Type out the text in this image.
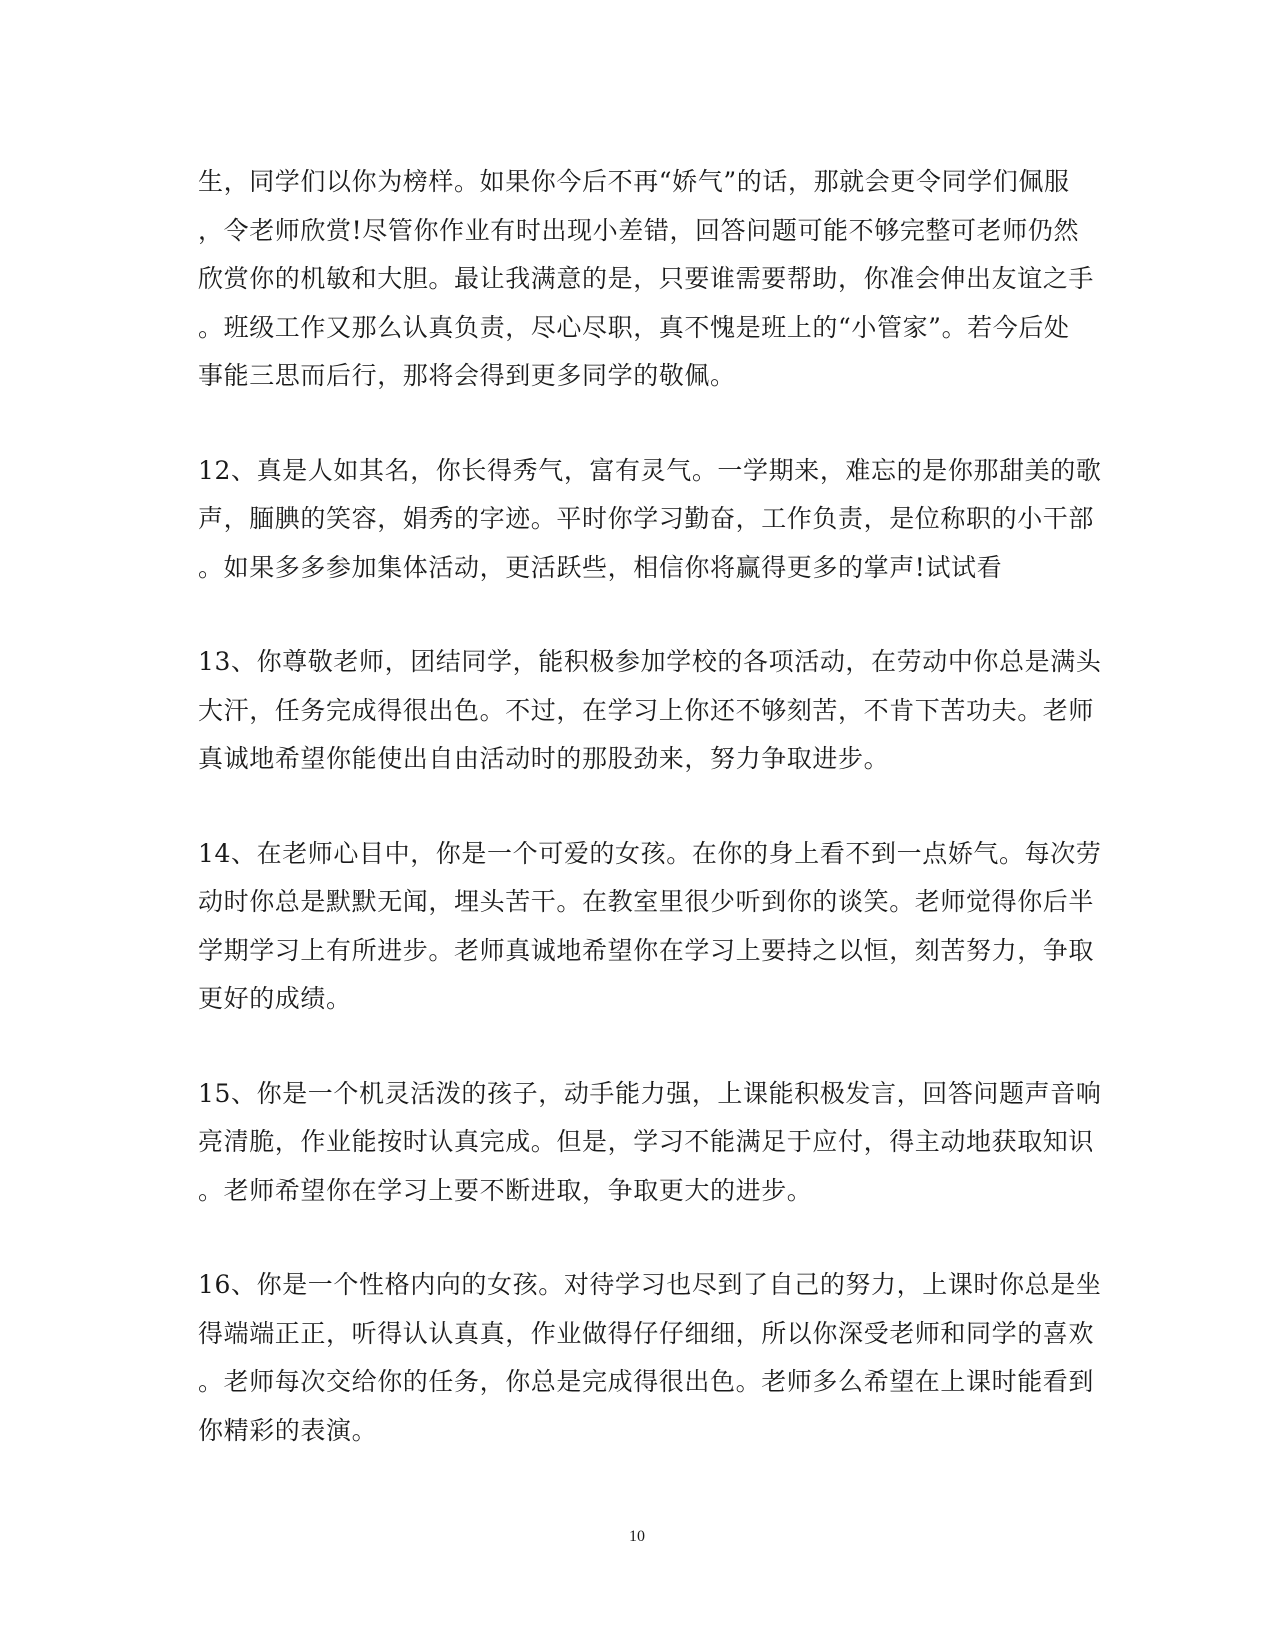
生，同学们以你为榜样。如果你今后不再“娇气”的话，那就会更令同学们佩服
，令老师欣赏!尽管你作业有时出现小差错，回答问题可能不够完整可老师仍然
欣赏你的机敏和大胆。最让我满意的是，只要谁需要帮助，你准会伸出友谊之手
。班级工作又那么认真负责，尽心尽职，真不愧是班上的“小管家”。若今后处
事能三思而后行，那将会得到更多同学的敬佩。
12、真是人如其名，你长得秀气，富有灵气。一学期来，难忘的是你那甜美的歌
声，腼腆的笑容，娟秀的字迹。平时你学习勤奋，工作负责，是位称职的小干部
。如果多多参加集体活动，更活跃些，相信你将赢得更多的掌声!试试看
13、你尊敬老师，团结同学，能积极参加学校的各项活动，在劳动中你总是满头
大汗，任务完成得很出色。不过，在学习上你还不够刻苦，不肯下苦功夫。老师
真诚地希望你能使出自由活动时的那股劲来，努力争取进步。
14、在老师心目中，你是一个可爱的女孩。在你的身上看不到一点娇气。每次劳
动时你总是默默无闻，埋头苦干。在教室里很少听到你的谈笑。老师觉得你后半
学期学习上有所进步。老师真诚地希望你在学习上要持之以恒，刻苦努力，争取
更好的成绩。
15、你是一个机灵活泼的孩子，动手能力强，上课能积极发言，回答问题声音响
亮清脆，作业能按时认真完成。但是，学习不能满足于应付，得主动地获取知识
。老师希望你在学习上要不断进取，争取更大的进步。
16、你是一个性格内向的女孩。对待学习也尽到了自己的努力，上课时你总是坐
得端端正正，听得认认真真，作业做得仔仔细细，所以你深受老师和同学的喜欢
。老师每次交给你的任务，你总是完成得很出色。老师多么希望在上课时能看到
你精彩的表演。
10
